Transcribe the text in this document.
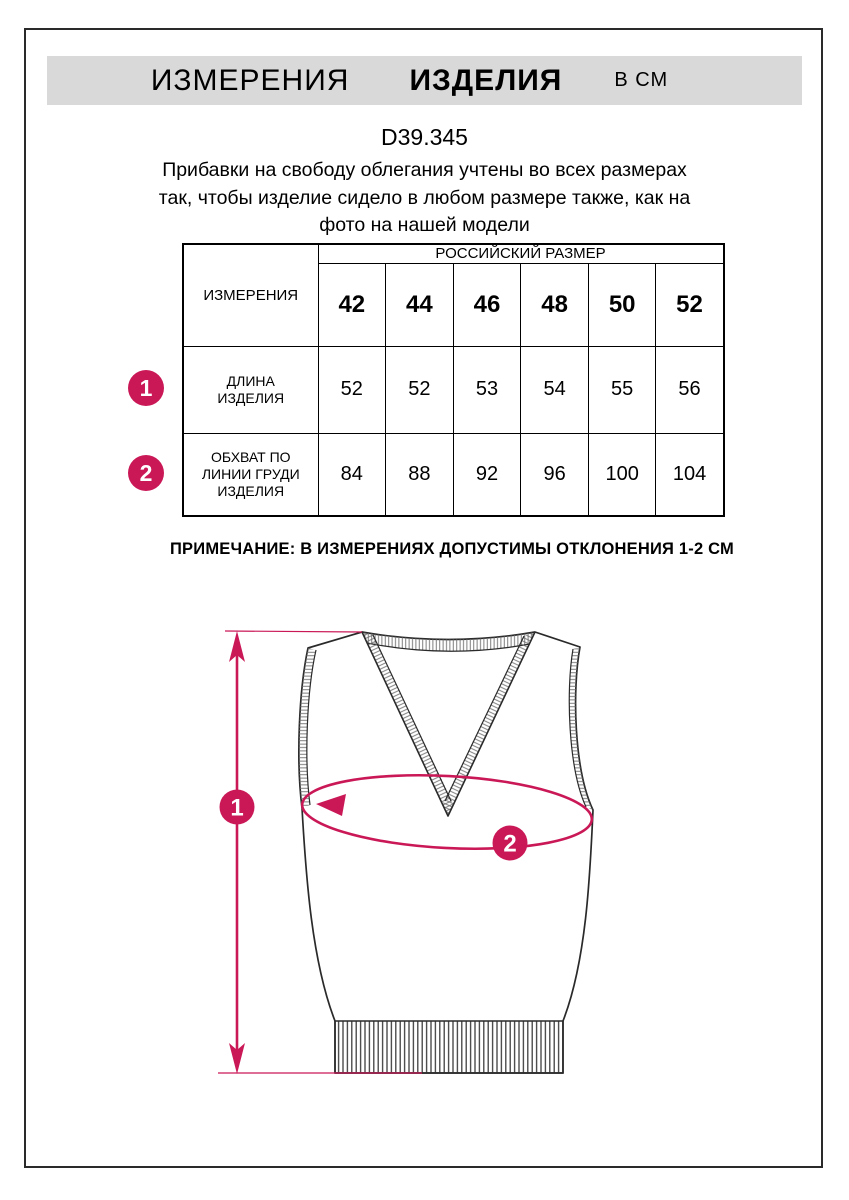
ИЗМЕРЕНИЯ ИЗДЕЛИЯ	В СМ
D39.345
Прибавки на свободу облегания учтены во всех размерах
так, чтобы изделие сидело в любом размере также, как на
фото на нашей модели
ИЗМЕРЕНИЯ	РОССИЙСКИЙ РАЗМЕР					
	42	44	46	48	50	52
ДЛИНА ИЗДЕЛИЯ	52	52	53	54	55	56
ОБХВАТ ПО ЛИНИИ ГРУДИ ИЗДЕЛИЯ	84	88	92	96	100	104
1
2
ПРИМЕЧАНИЕ: В ИЗМЕРЕНИЯХ ДОПУСТИМЫ ОТКЛОНЕНИЯ 1-2 СМ
1
2
